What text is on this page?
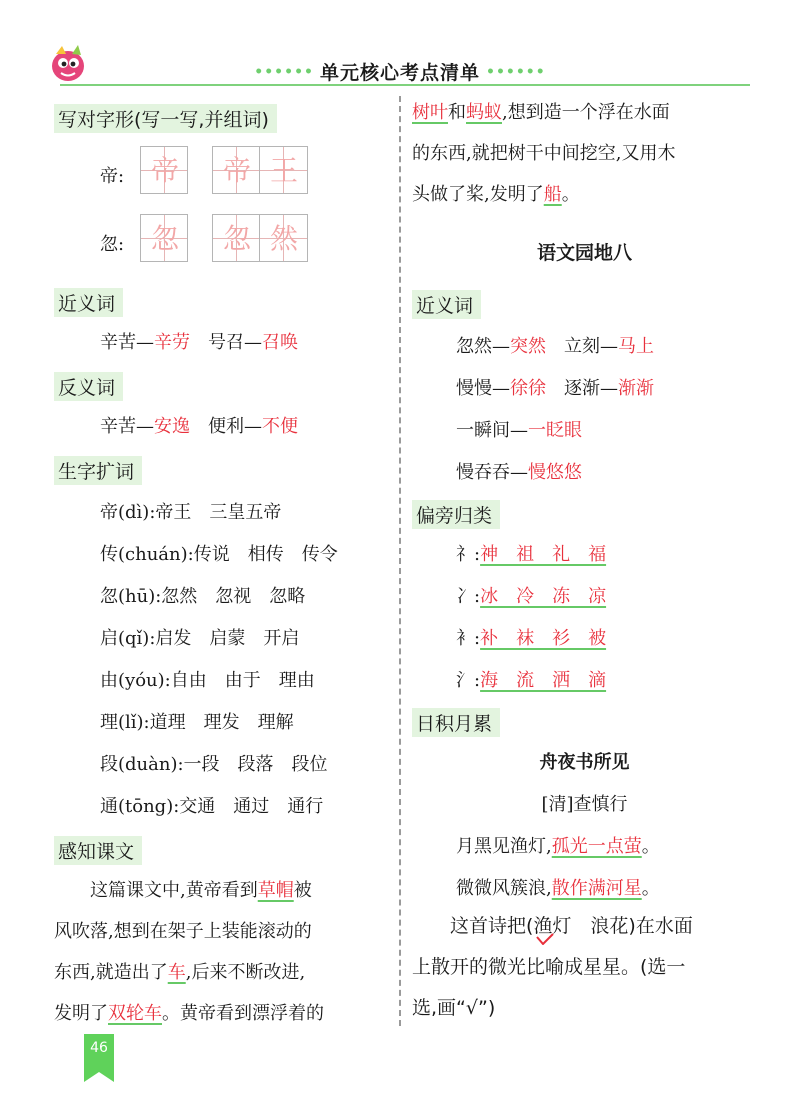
•••••• 单元核心考点清单 ••••••
写对字形(写一写,并组词)
帝: 帝	帝 王
忽: 忽	忽 然
近义词
辛苦—辛劳　 号召—召唤
反义词
辛苦—安逸　 便利—不便
生字扩词
帝(dì):帝王　三皇五帝
传(chuán):传说　相传　传令
忽(hū):忽然　忽视　忽略
启(qǐ):启发　启蒙　开启
由(yóu):自由　由于　理由
理(lǐ):道理　理发　理解
段(duàn):一段　段落　段位
通(tōng):交通　通过　通行
感知课文
　　这篇课文中,黄帝看到草帽被
风吹落,想到在架子上装能滚动的
东西,就造出了车,后来不断改进,
发明了双轮车。黄帝看到漂浮着的
树叶和蚂蚁,想到造一个浮在水面
的东西,就把树干中间挖空,又用木
头做了桨,发明了船。
语文园地八
近义词
忽然—突然　 立刻—马上
慢慢—徐徐　 逐渐—渐渐
一瞬间—一眨眼
慢吞吞—慢悠悠
偏旁归类
礻:神　祖　礼　福
冫:冰　冷　冻　凉
衤:补　袜　衫　被
氵:海　流　洒　滴
日积月累
舟夜书所见
[清]查慎行
月黑见渔灯,孤光一点萤。
微微风簇浪,散作满河星。
　　这首诗把(渔灯　浪花)在水面
上散开的微光比喻成星星。(选一
选,画“√”)
46
